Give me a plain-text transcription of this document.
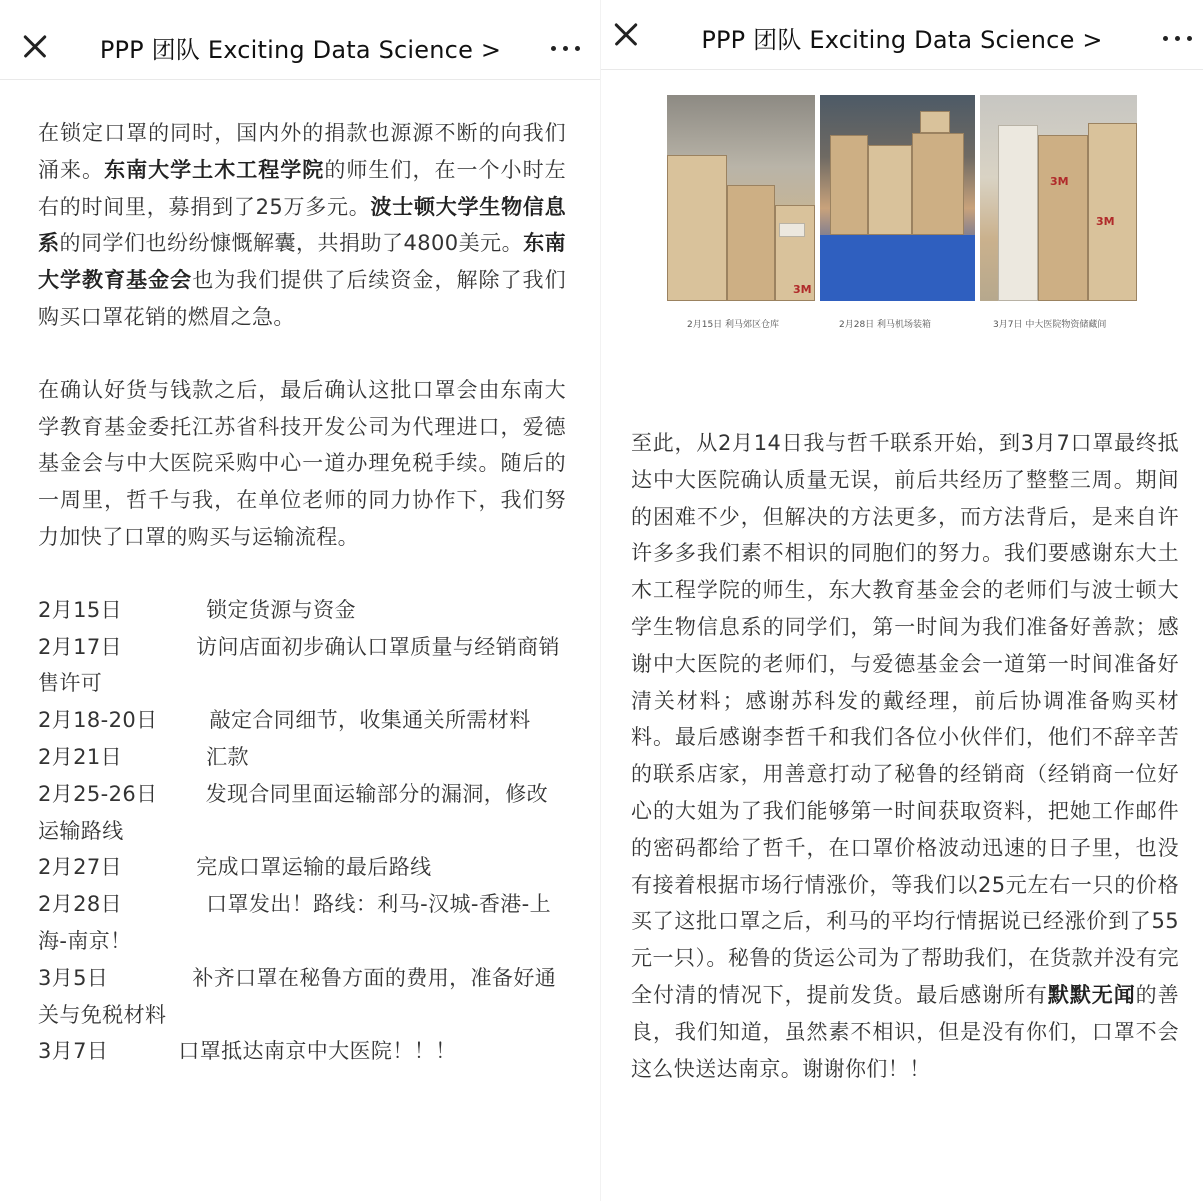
PPP 团队 Exciting Data Science >

在锁定口罩的同时，国内外的捐款也源源不断的向我们涌来。东南大学土木工程学院的师生们，在一个小时左右的时间里，募捐到了25万多元。波士顿大学生物信息系的同学们也纷纷慷慨解囊，共捐助了4800美元。东南大学教育基金会也为我们提供了后续资金，解除了我们购买口罩花销的燃眉之急。

在确认好货与钱款之后，最后确认这批口罩会由东南大学教育基金委托江苏省科技开发公司为代理进口，爱德基金会与中大医院采购中心一道办理免税手续。随后的一周里，哲千与我，在单位老师的同力协作下，我们努力加快了口罩的购买与运输流程。

2月15日	锁定货源与资金
2月17日	访问店面初步确认口罩质量与经销商销售许可
2月18-20日 敲定合同细节，收集通关所需材料
2月21日	汇款
2月25-26日 发现合同里面运输部分的漏洞，修改运输路线
2月27日	完成口罩运输的最后路线
2月28日	口罩发出！路线：利马-汉城-香港-上海-南京！
3月5日	补齐口罩在秘鲁方面的费用，准备好通关与免税材料
3月7日	口罩抵达南京中大医院！！！
PPP 团队 Exciting Data Science >
3M
3M
3M
2月15日 利马郊区仓库	2月28日 利马机场装箱	3月7日 中大医院物资储藏间

至此，从2月14日我与哲千联系开始，到3月7口罩最终抵达中大医院确认质量无误，前后共经历了整整三周。期间的困难不少，但解决的方法更多，而方法背后，是来自许许多多我们素不相识的同胞们的努力。我们要感谢东大土木工程学院的师生，东大教育基金会的老师们与波士顿大学生物信息系的同学们，第一时间为我们准备好善款；感谢中大医院的老师们，与爱德基金会一道第一时间准备好清关材料；感谢苏科发的戴经理，前后协调准备购买材料。最后感谢李哲千和我们各位小伙伴们，他们不辞辛苦的联系店家，用善意打动了秘鲁的经销商（经销商一位好心的大姐为了我们能够第一时间获取资料，把她工作邮件的密码都给了哲千，在口罩价格波动迅速的日子里，也没有接着根据市场行情涨价，等我们以25元左右一只的价格买了这批口罩之后，利马的平均行情据说已经涨价到了55元一只）。秘鲁的货运公司为了帮助我们，在货款并没有完全付清的情况下，提前发货。最后感谢所有默默无闻的善良，我们知道，虽然素不相识，但是没有你们，口罩不会这么快送达南京。谢谢你们！！
